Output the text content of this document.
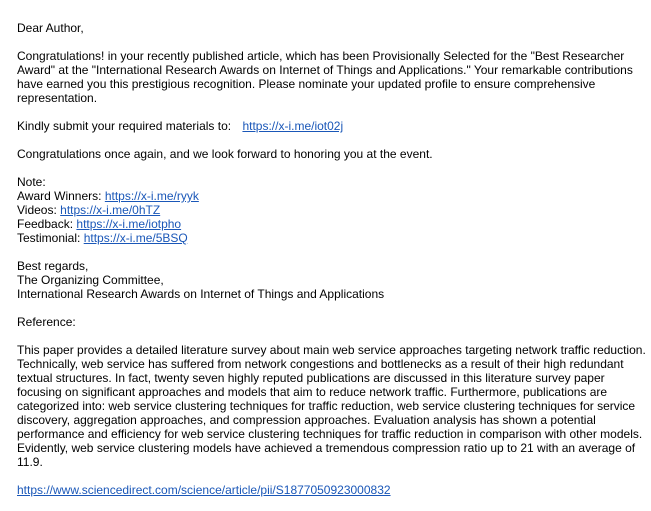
Dear Author,
Congratulations! in your recently published article, which has been Provisionally Selected for the "Best Researcher Award" at the "International Research Awards on Internet of Things and Applications." Your remarkable contributions have earned you this prestigious recognition. Please nominate your updated profile to ensure comprehensive representation.
Kindly submit your required materials to: https://x-i.me/iot02j
Congratulations once again, and we look forward to honoring you at the event.
Note:
Award Winners: https://x-i.me/ryyk
Videos: https://x-i.me/0hTZ
Feedback: https://x-i.me/iotpho
Testimonial: https://x-i.me/5BSQ
Best regards,
The Organizing Committee,
International Research Awards on Internet of Things and Applications
Reference:
This paper provides a detailed literature survey about main web service approaches targeting network traffic reduction. Technically, web service has suffered from network congestions and bottlenecks as a result of their high redundant textual structures. In fact, twenty seven highly reputed publications are discussed in this literature survey paper focusing on significant approaches and models that aim to reduce network traffic. Furthermore, publications are categorized into: web service clustering techniques for traffic reduction, web service clustering techniques for service discovery, aggregation approaches, and compression approaches. Evaluation analysis has shown a potential performance and efficiency for web service clustering techniques for traffic reduction in comparison with other models. Evidently, web service clustering models have achieved a tremendous compression ratio up to 21 with an average of 11.9.
https://www.sciencedirect.com/science/article/pii/S1877050923000832
